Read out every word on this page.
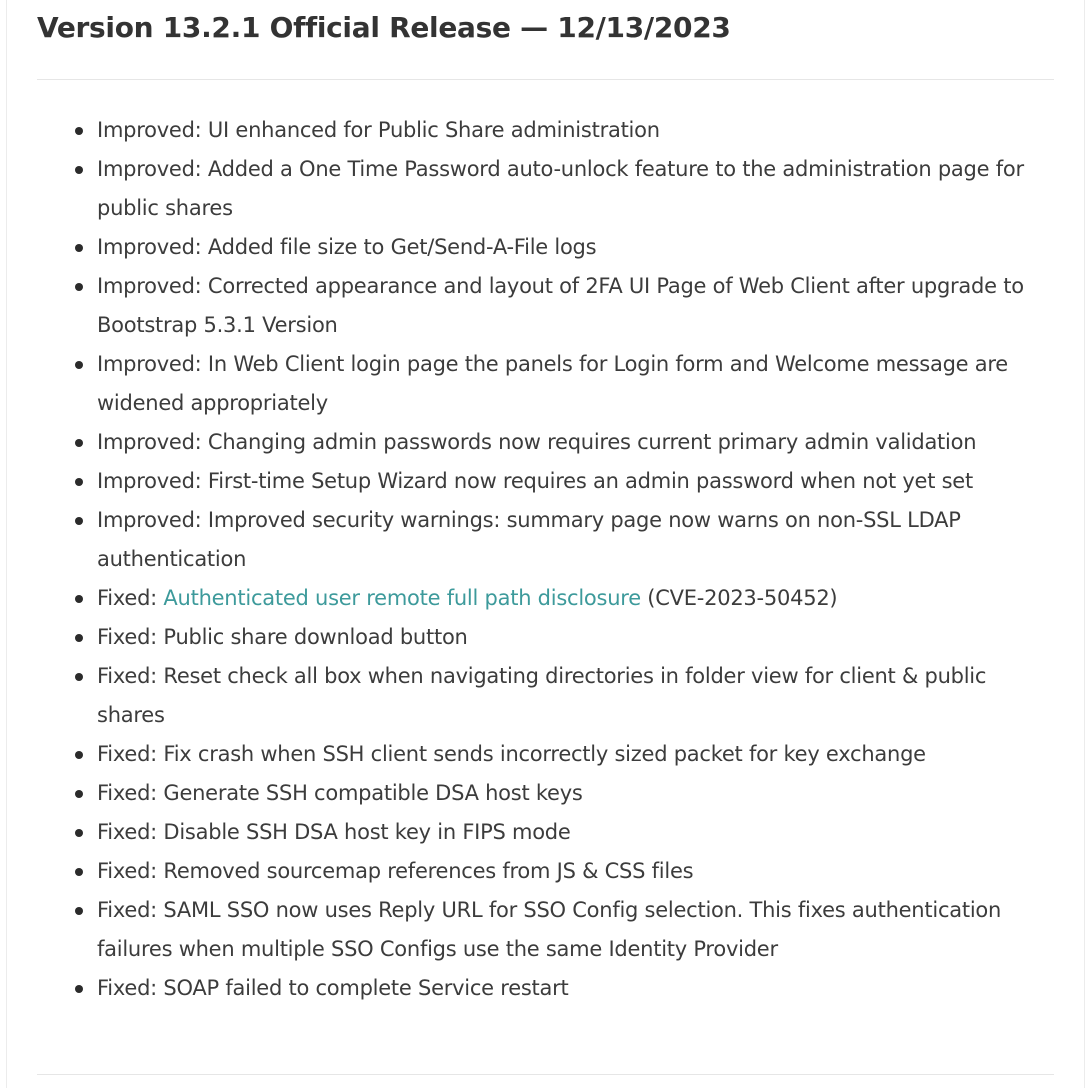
Version 13.2.1 Official Release — 12/13/2023
Improved: UI enhanced for Public Share administration
Improved: Added a One Time Password auto-unlock feature to the administration page for public shares
Improved: Added file size to Get/Send-A-File logs
Improved: Corrected appearance and layout of 2FA UI Page of Web Client after upgrade to Bootstrap 5.3.1 Version
Improved: In Web Client login page the panels for Login form and Welcome message are widened appropriately
Improved: Changing admin passwords now requires current primary admin validation
Improved: First-time Setup Wizard now requires an admin password when not yet set
Improved: Improved security warnings: summary page now warns on non-SSL LDAP authentication
Fixed: Authenticated user remote full path disclosure (CVE-2023-50452)
Fixed: Public share download button
Fixed: Reset check all box when navigating directories in folder view for client & public shares
Fixed: Fix crash when SSH client sends incorrectly sized packet for key exchange
Fixed: Generate SSH compatible DSA host keys
Fixed: Disable SSH DSA host key in FIPS mode
Fixed: Removed sourcemap references from JS & CSS files
Fixed: SAML SSO now uses Reply URL for SSO Config selection. This fixes authentication failures when multiple SSO Configs use the same Identity Provider
Fixed: SOAP failed to complete Service restart
